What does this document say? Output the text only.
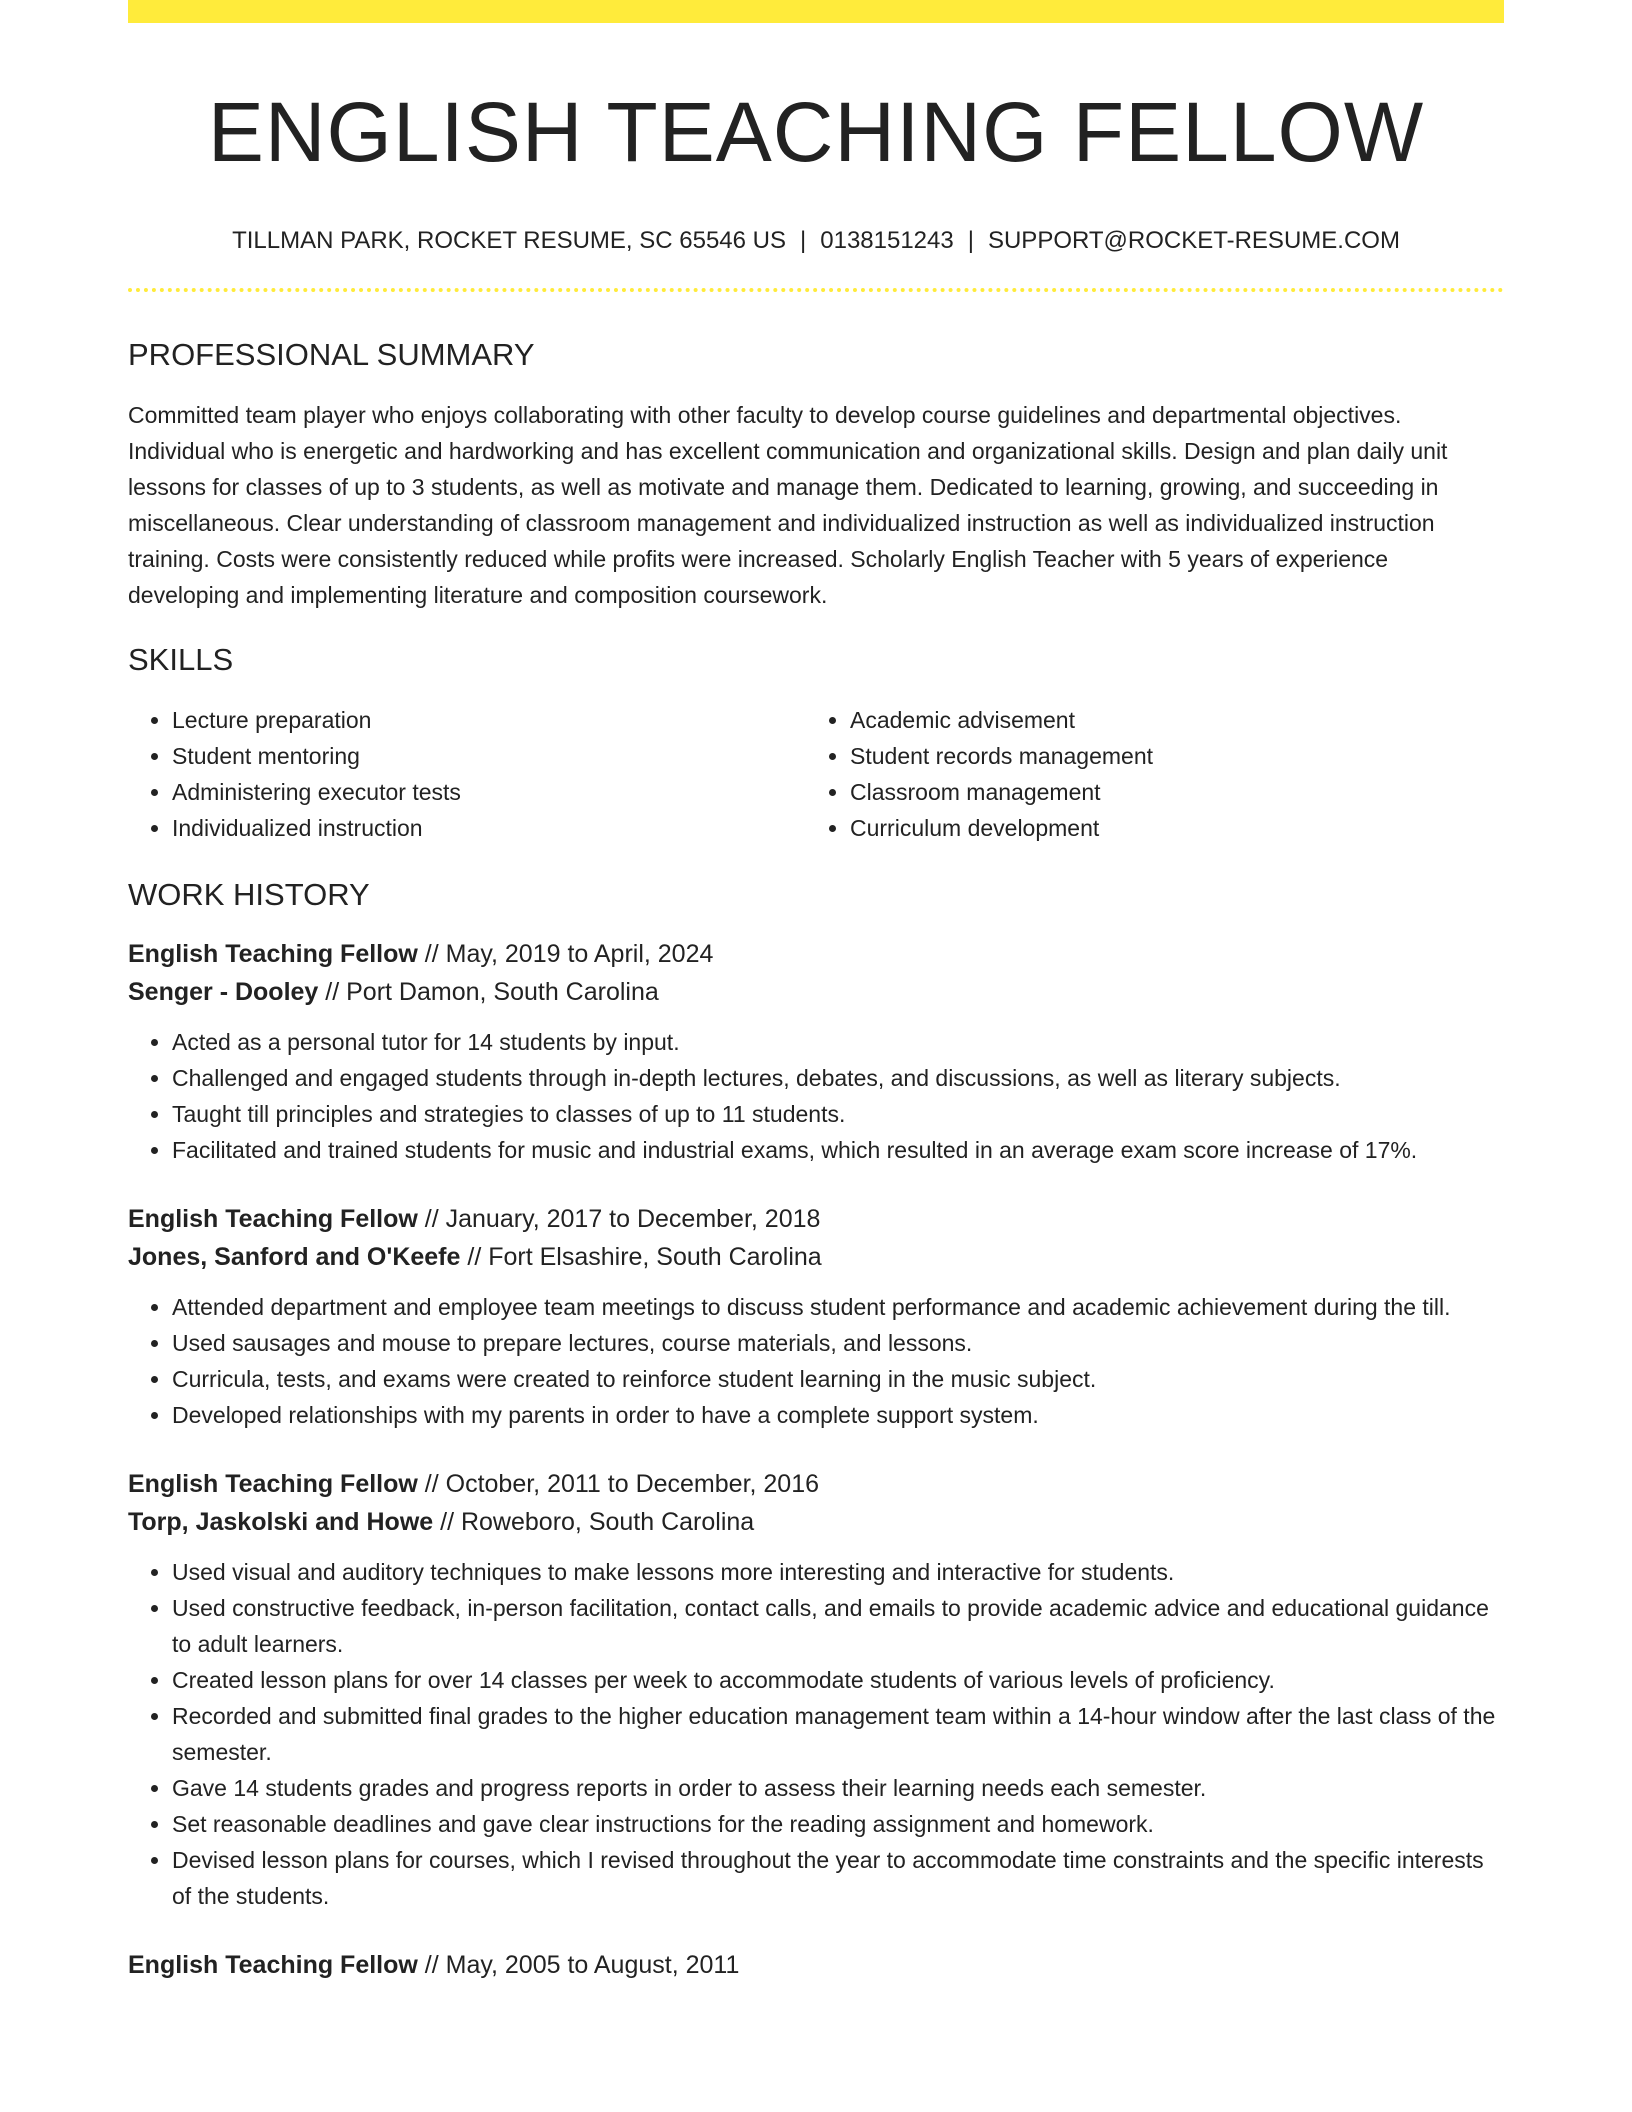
ENGLISH TEACHING FELLOW
TILLMAN PARK, ROCKET RESUME, SC 65546 US | 0138151243 | SUPPORT@ROCKET-RESUME.COM
PROFESSIONAL SUMMARY

Committed team player who enjoys collaborating with other faculty to develop course guidelines and departmental objectives. Individual who is energetic and hardworking and has excellent communication and organizational skills. Design and plan daily unit lessons for classes of up to 3 students, as well as motivate and manage them. Dedicated to learning, growing, and succeeding in miscellaneous. Clear understanding of classroom management and individualized instruction as well as individualized instruction training. Costs were consistently reduced while profits were increased. Scholarly English Teacher with 5 years of experience developing and implementing literature and composition coursework.

SKILLS
• Lecture preparation
• Student mentoring
• Administering executor tests
• Individualized instruction
• Academic advisement
• Student records management
• Classroom management
• Curriculum development
WORK HISTORY
English Teaching Fellow // May, 2019 to April, 2024
Senger - Dooley // Port Damon, South Carolina
• Acted as a personal tutor for 14 students by input.
• Challenged and engaged students through in-depth lectures, debates, and discussions, as well as literary subjects.
• Taught till principles and strategies to classes of up to 11 students.
• Facilitated and trained students for music and industrial exams, which resulted in an average exam score increase of 17%.
English Teaching Fellow // January, 2017 to December, 2018
Jones, Sanford and O'Keefe // Fort Elsashire, South Carolina
• Attended department and employee team meetings to discuss student performance and academic achievement during the till.
• Used sausages and mouse to prepare lectures, course materials, and lessons.
• Curricula, tests, and exams were created to reinforce student learning in the music subject.
• Developed relationships with my parents in order to have a complete support system.
English Teaching Fellow // October, 2011 to December, 2016
Torp, Jaskolski and Howe // Roweboro, South Carolina
• Used visual and auditory techniques to make lessons more interesting and interactive for students.
• Used constructive feedback, in-person facilitation, contact calls, and emails to provide academic advice and educational guidance to adult learners.
• Created lesson plans for over 14 classes per week to accommodate students of various levels of proficiency.
• Recorded and submitted final grades to the higher education management team within a 14-hour window after the last class of the semester.
• Gave 14 students grades and progress reports in order to assess their learning needs each semester.
• Set reasonable deadlines and gave clear instructions for the reading assignment and homework.
• Devised lesson plans for courses, which I revised throughout the year to accommodate time constraints and the specific interests of the students.
English Teaching Fellow // May, 2005 to August, 2011
